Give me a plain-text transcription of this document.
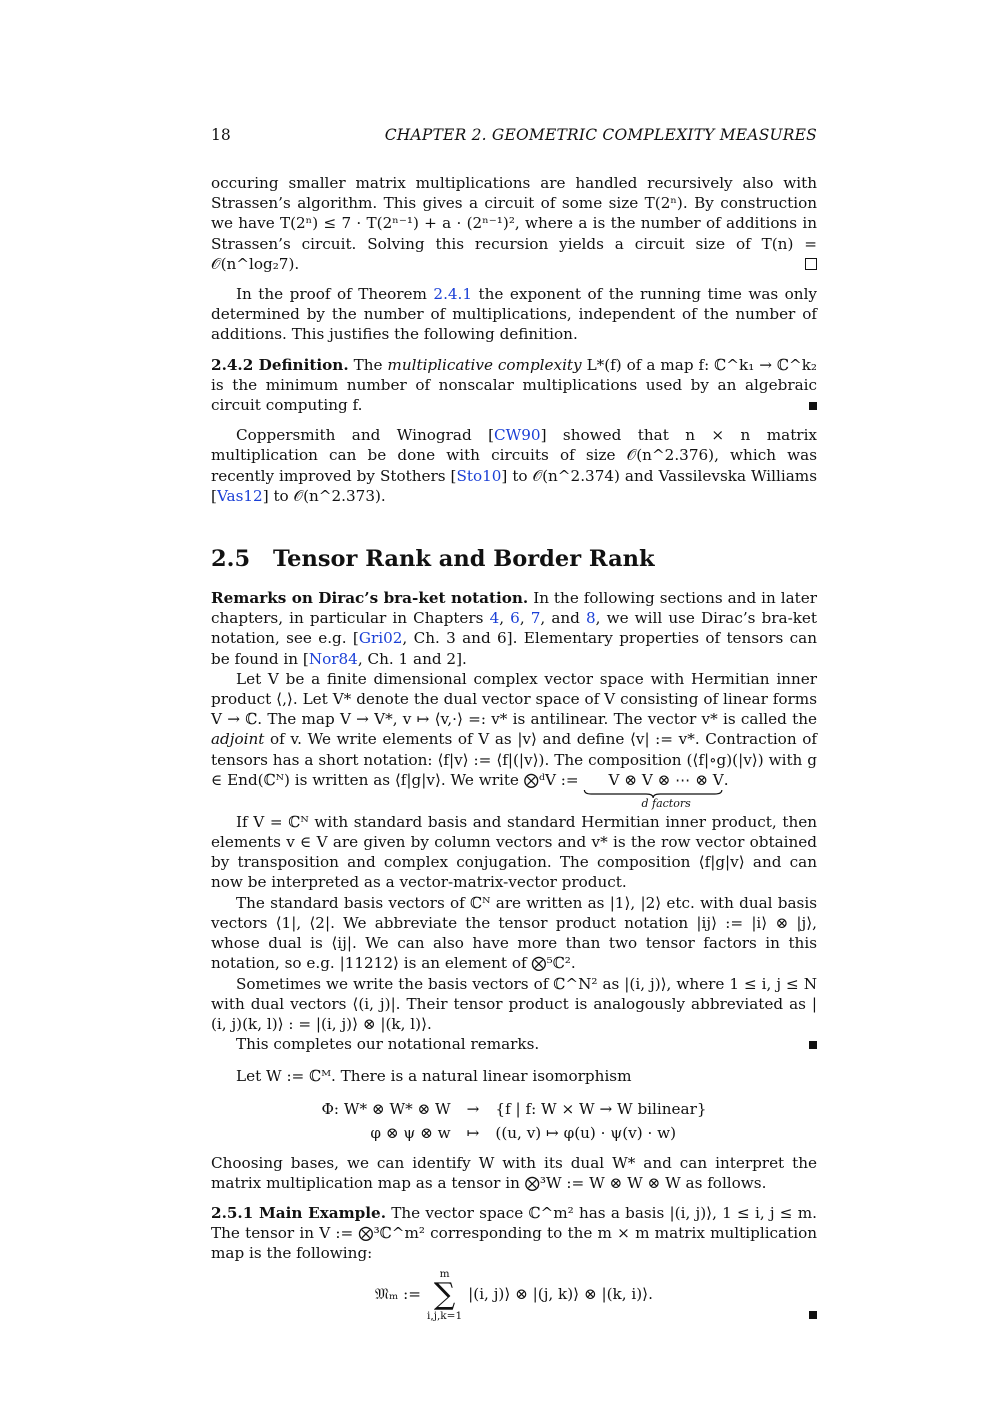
18	CHAPTER 2. GEOMETRIC COMPLEXITY MEASURES

occuring smaller matrix multiplications are handled recursively also with Strassen’s algorithm. This gives a circuit of some size T(2ⁿ). By construction we have T(2ⁿ) ≤ 7 · T(2ⁿ⁻¹) + a · (2ⁿ⁻¹)², where a is the number of additions in Strassen’s circuit. Solving this recursion yields a circuit size of T(n) = 𝒪(n^log₂7).

In the proof of Theorem 2.4.1 the exponent of the running time was only determined by the number of multiplications, independent of the number of additions. This justifies the following definition.

2.4.2 Definition. The multiplicative complexity L*(f) of a map f: ℂ^k₁ → ℂ^k₂ is the minimum number of nonscalar multiplications used by an algebraic circuit computing f.

Coppersmith and Winograd [CW90] showed that n × n matrix multiplication can be done with circuits of size 𝒪(n^2.376), which was recently improved by Stothers [Sto10] to 𝒪(n^2.374) and Vassilevska Williams [Vas12] to 𝒪(n^2.373).

2.5 Tensor Rank and Border Rank

Remarks on Dirac’s bra-ket notation. In the following sections and in later chapters, in particular in Chapters 4, 6, 7, and 8, we will use Dirac’s bra-ket notation, see e.g. [Gri02, Ch. 3 and 6]. Elementary properties of tensors can be found in [Nor84, Ch. 1 and 2].

Let V be a finite dimensional complex vector space with Hermitian inner product ⟨,⟩. Let V* denote the dual vector space of V consisting of linear forms V → ℂ. The map V → V*, v ↦ ⟨v,·⟩ =: v* is antilinear. The vector v* is called the adjoint of v. We write elements of V as |v⟩ and define ⟨v| := v*. Contraction of tensors has a short notation: ⟨f|v⟩ := ⟨f|(|v⟩). The composition (⟨f|∘g)(|v⟩) with g ∈ End(ℂᴺ) is written as ⟨f|g|v⟩. We write ⨂ᵈV :=	V ⊗ V ⊗ ⋯ ⊗ V
d factors
.

If V = ℂᴺ with standard basis and standard Hermitian inner product, then elements v ∈ V are given by column vectors and v* is the row vector obtained by transposition and complex conjugation. The composition ⟨f|g|v⟩ and can now be interpreted as a vector-matrix-vector product.

The standard basis vectors of ℂᴺ are written as |1⟩, |2⟩ etc. with dual basis vectors ⟨1|, ⟨2|. We abbreviate the tensor product notation |ij⟩ := |i⟩ ⊗ |j⟩, whose dual is ⟨ij|. We can also have more than two tensor factors in this notation, so e.g. |11212⟩ is an element of ⨂⁵ℂ².

Sometimes we write the basis vectors of ℂ^N² as |(i, j)⟩, where 1 ≤ i, j ≤ N with dual vectors ⟨(i, j)|. Their tensor product is analogously abbreviated as |(i, j)(k, l)⟩ : = |(i, j)⟩ ⊗ |(k, l)⟩.

This completes our notational remarks.

Let W := ℂᴹ. There is a natural linear isomorphism

Φ: W* ⊗ W* ⊗ W	→	{f | f: W × W → W bilinear}
φ ⊗ ψ ⊗ w	↦	((u, v) ↦ φ(u) · ψ(v) · w)

Choosing bases, we can identify W with its dual W* and can interpret the matrix multiplication map as a tensor in ⨂³W := W ⊗ W ⊗ W as follows.

2.5.1 Main Example. The vector space ℂ^m² has a basis |(i, j)⟩, 1 ≤ i, j ≤ m. The tensor in V := ⨂³ℂ^m² corresponding to the m × m matrix multiplication map is the following:

𝔐ₘ :=
m
∑
i,j,k=1
|(i, j)⟩ ⊗ |(j, k)⟩ ⊗ |(k, i)⟩.
